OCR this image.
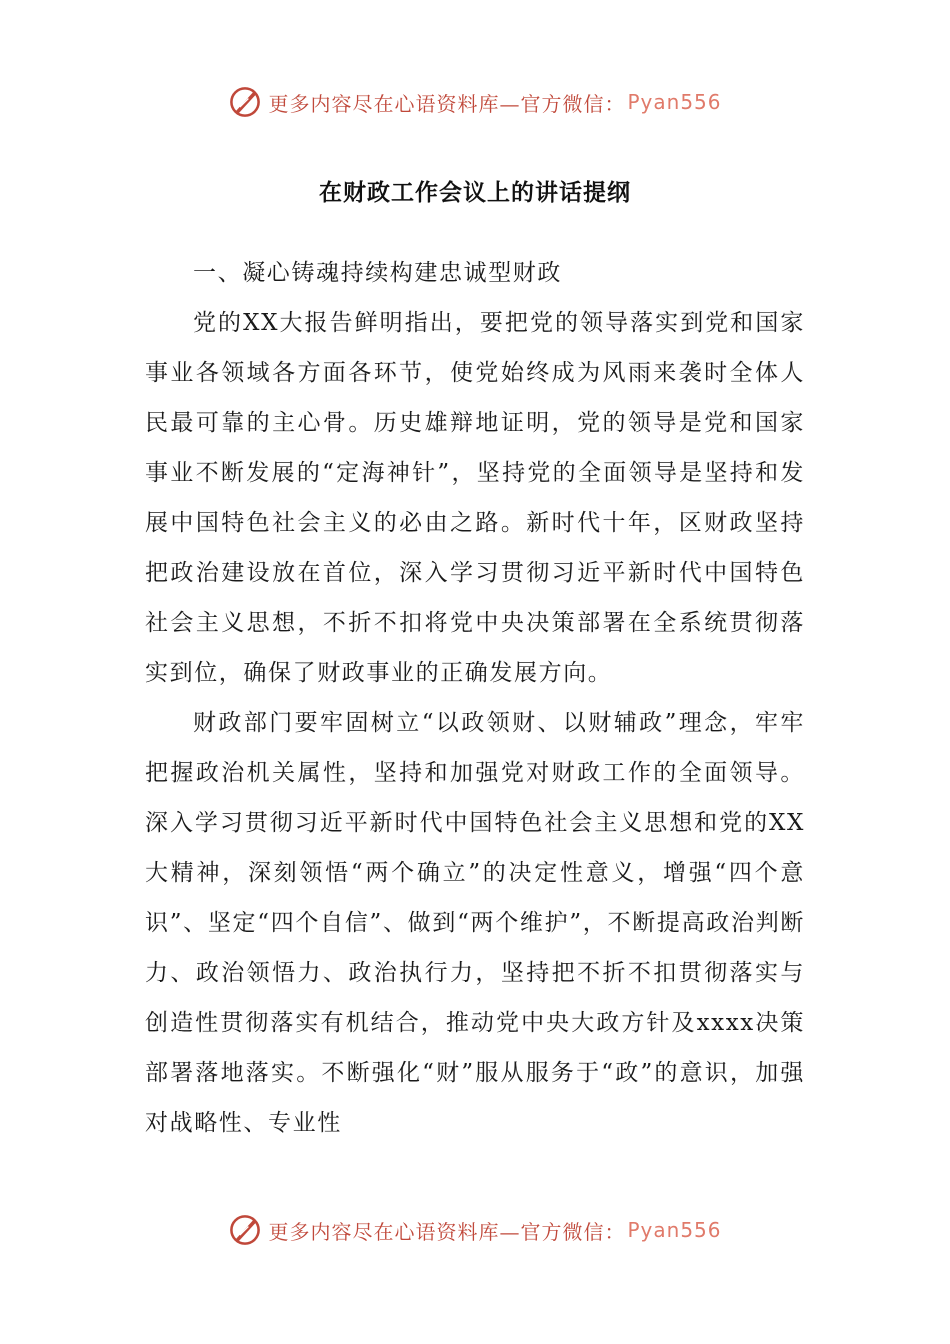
更多内容尽在心语资料库—官方微信： Pyan556
在财政工作会议上的讲话提纲
一、凝心铸魂持续构建忠诚型财政

党的XX大报告鲜明指出，要把党的领导落实到党和国家事业各领域各方面各环节，使党始终成为风雨来袭时全体人民最可靠的主心骨。历史雄辩地证明，党的领导是党和国家事业不断发展的“定海神针”，坚持党的全面领导是坚持和发展中国特色社会主义的必由之路。新时代十年，区财政坚持把政治建设放在首位，深入学习贯彻习近平新时代中国特色社会主义思想，不折不扣将党中央决策部署在全系统贯彻落实到位，确保了财政事业的正确发展方向。

财政部门要牢固树立“以政领财、以财辅政”理念，牢牢把握政治机关属性，坚持和加强党对财政工作的全面领导。深入学习贯彻习近平新时代中国特色社会主义思想和党的XX大精神，深刻领悟“两个确立”的决定性意义，增强“四个意识”、坚定“四个自信”、做到“两个维护”，不断提高政治判断力、政治领悟力、政治执行力，坚持把不折不扣贯彻落实与创造性贯彻落实有机结合，推动党中央大政方针及xxxx决策部署落地落实。不断强化“财”服从服务于“政”的意识，加强对战略性、专业性

更多内容尽在心语资料库—官方微信： Pyan556
